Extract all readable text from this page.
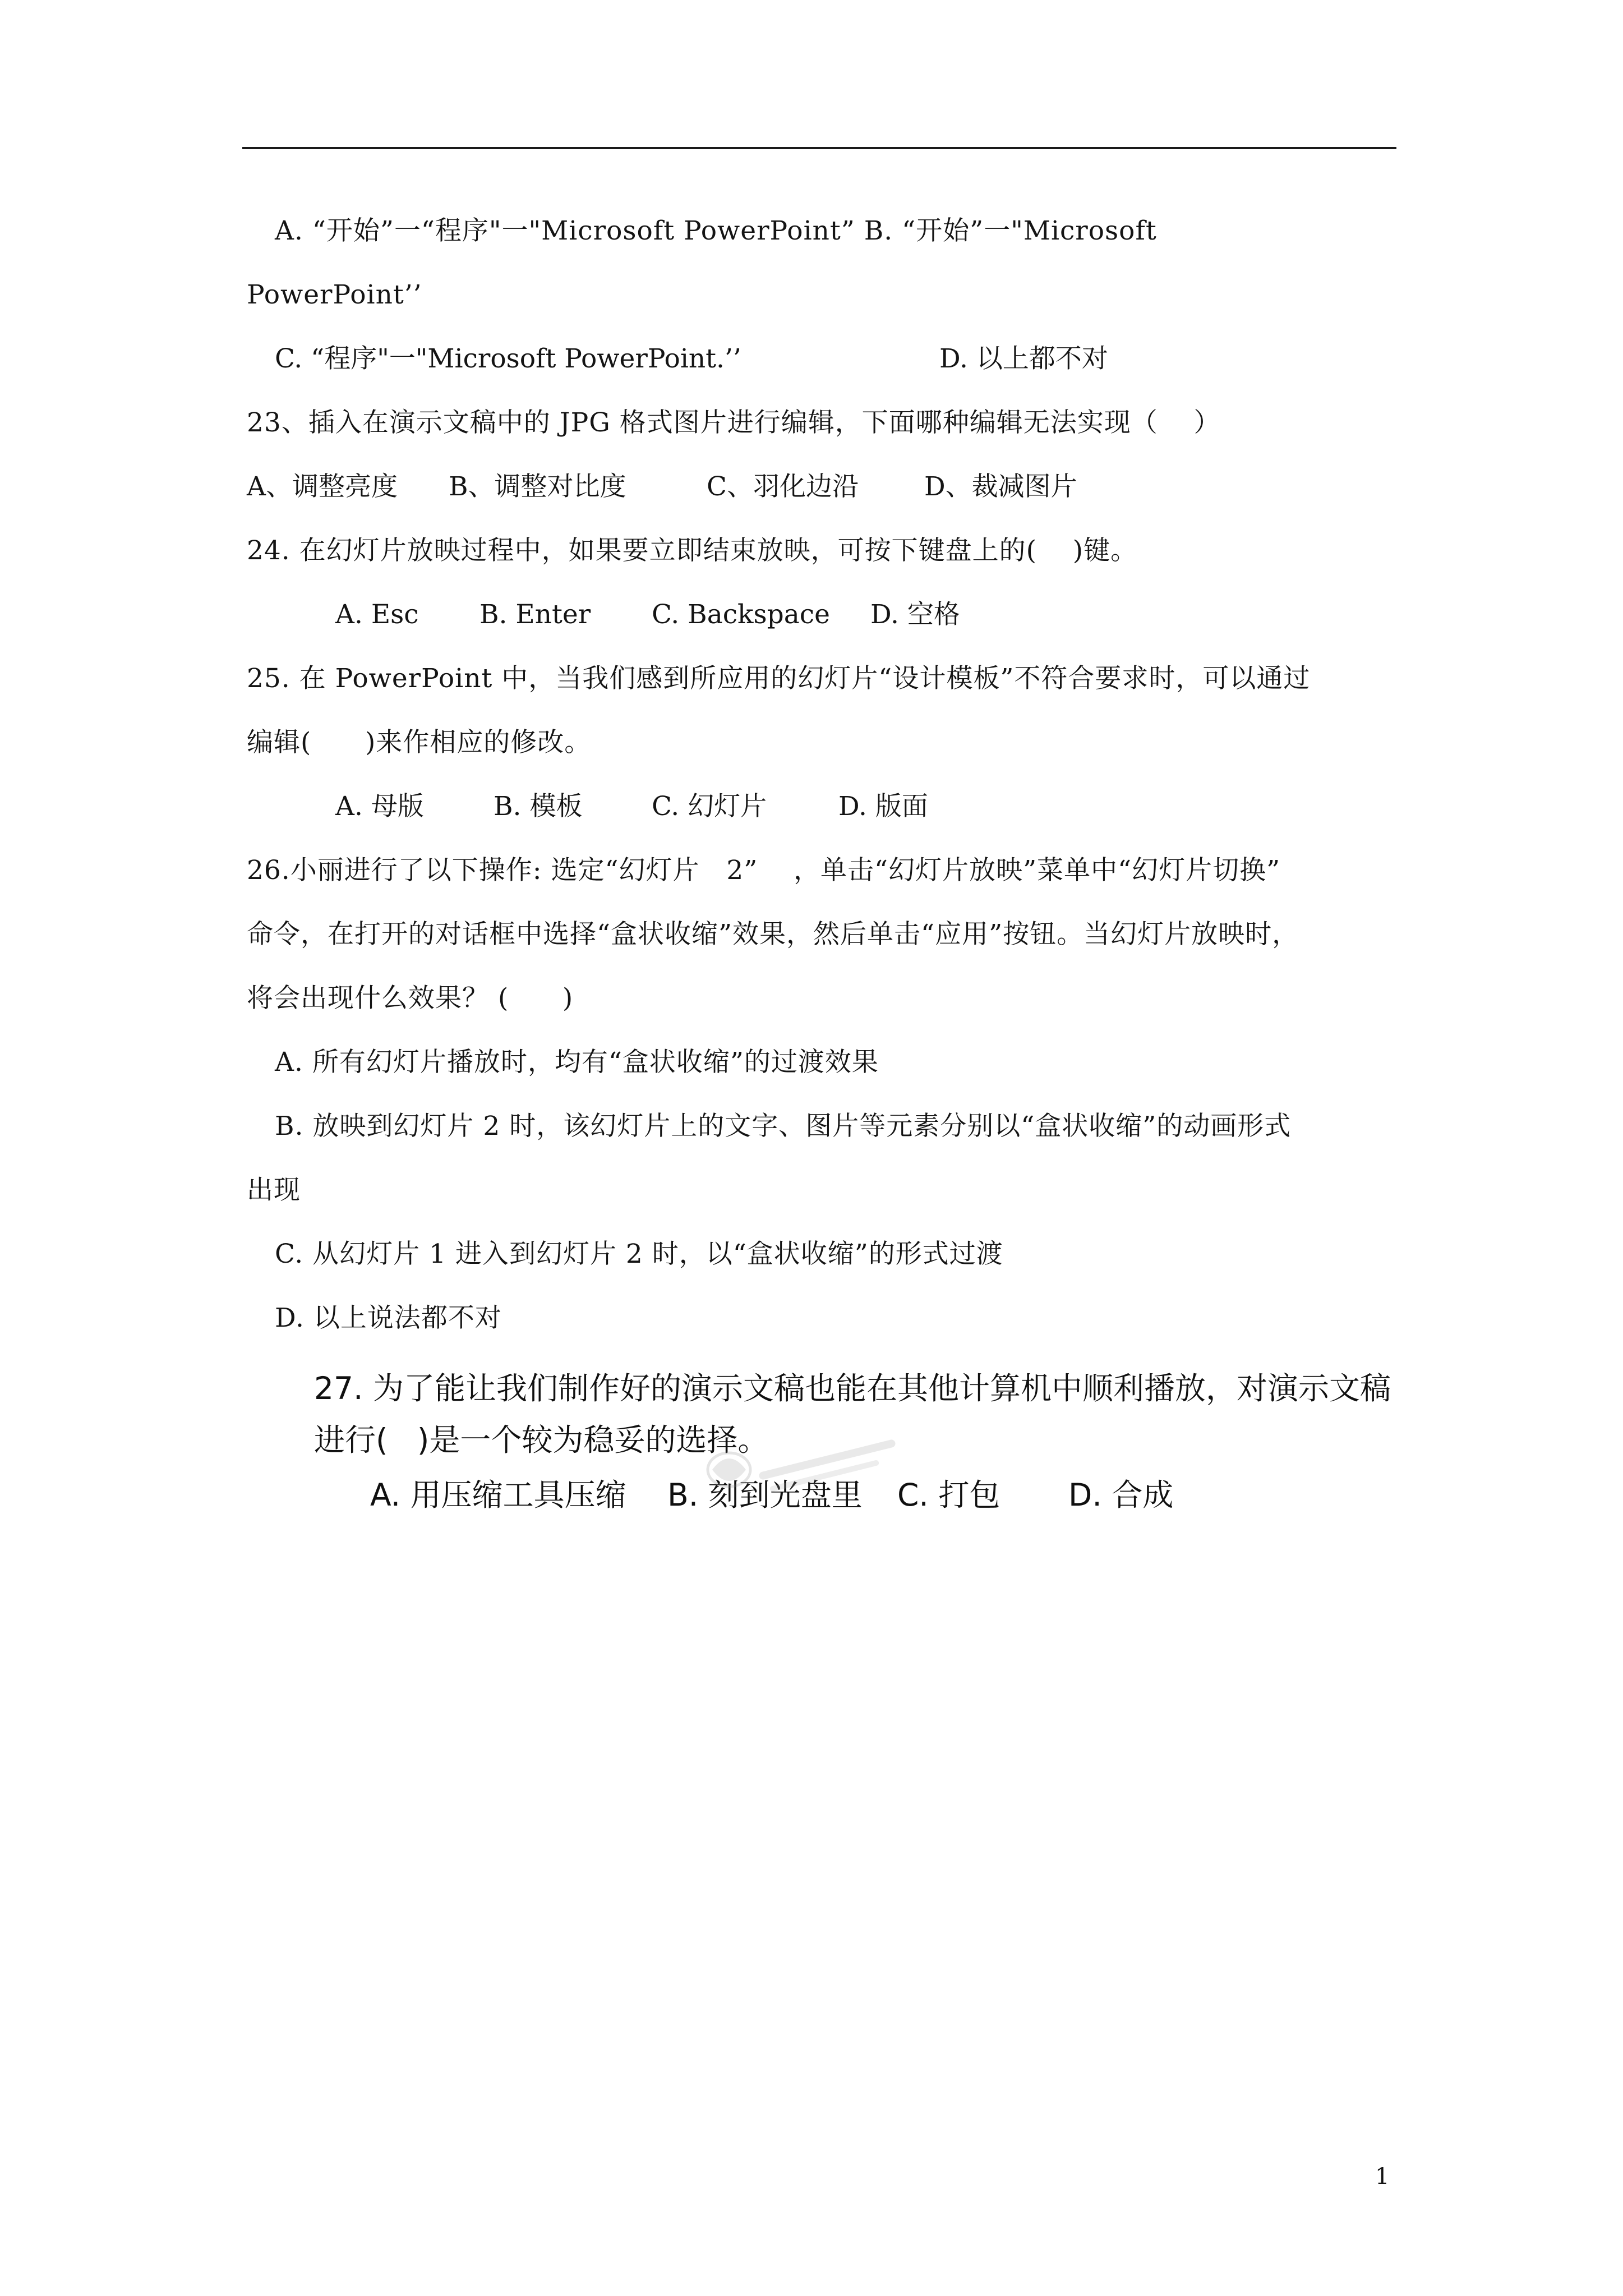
A. “开始”一“程序"一"Microsoft PowerPoint” B. “开始”一"Microsoft
PowerPoint’’
C. “程序"一"Microsoft PowerPoint.’’	D. 以上都不对
23、插入在演示文稿中的 JPG 格式图片进行编辑，下面哪种编辑无法实现（    ）
A、调整亮度 B、调整对比度	C、羽化边沿 D、裁减图片
24. 在幻灯片放映过程中，如果要立即结束放映，可按下键盘上的(    )键。
A. Esc B. Enter C. Backspace D. 空格
25. 在 PowerPoint 中，当我们感到所应用的幻灯片“设计模板”不符合要求时，可以通过
编辑(      )来作相应的修改。
A. 母版	B. 模板	C. 幻灯片	D. 版面
26.小丽进行了以下操作: 选定“幻灯片   2”    ，单击“幻灯片放映”菜单中“幻灯片切换”
命令，在打开的对话框中选择“盒状收缩”效果，然后单击“应用”按钮。当幻灯片放映时，
将会出现什么效果？ (      )
A. 所有幻灯片播放时，均有“盒状收缩”的过渡效果
B. 放映到幻灯片 2 时，该幻灯片上的文字、图片等元素分别以“盒状收缩”的动画形式
出现
C. 从幻灯片 1 进入到幻灯片 2 时，以“盒状收缩”的形式过渡
D. 以上说法都不对
27. 为了能让我们制作好的演示文稿也能在其他计算机中顺利播放，对演示文稿
进行(   )是一个较为稳妥的选择。
A. 用压缩工具压缩 B. 刻到光盘里 C. 打包 D. 合成
1
